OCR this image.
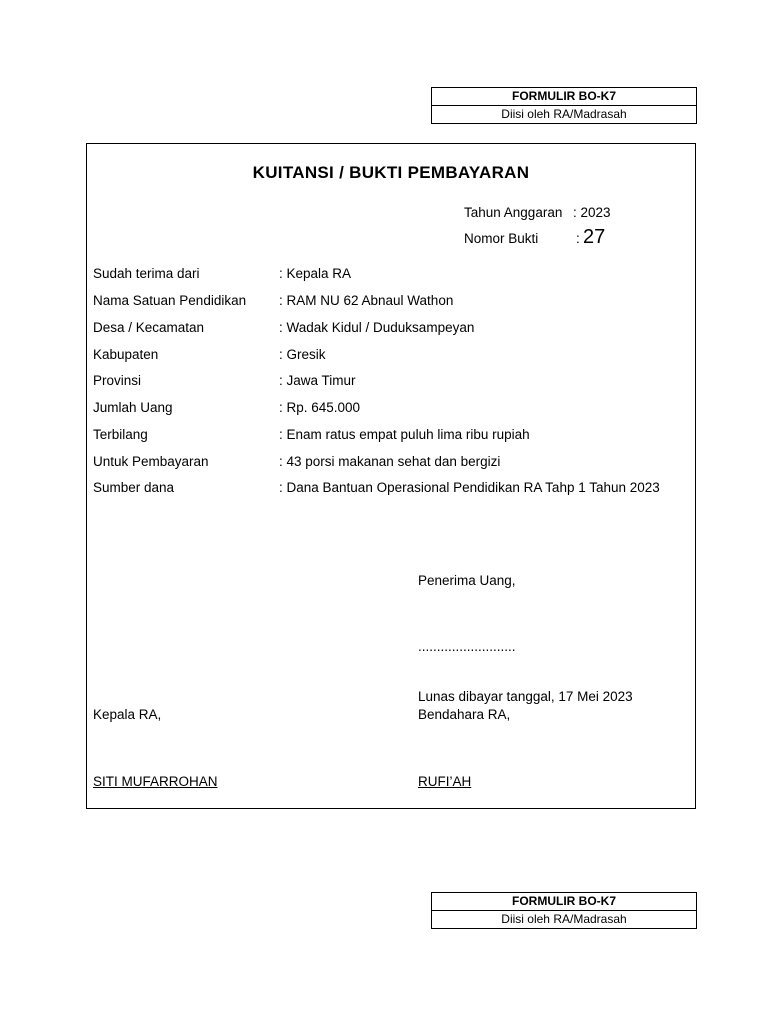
FORMULIR BO-K7
Diisi oleh RA/Madrasah
KUITANSI / BUKTI PEMBAYARAN
Tahun Anggaran : 2023
Nomor Bukti	: 27
Sudah terima dari	: Kepala RA
Nama Satuan Pendidikan : RAM NU 62 Abnaul Wathon
Desa / Kecamatan	: Wadak Kidul / Duduksampeyan
Kabupaten	: Gresik
Provinsi	: Jawa Timur
Jumlah Uang	: Rp. 645.000
Terbilang	: Enam ratus empat puluh lima ribu rupiah
Untuk Pembayaran	: 43 porsi makanan sehat dan bergizi
Sumber dana	: Dana Bantuan Operasional Pendidikan RA Tahp 1 Tahun 2023
Penerima Uang,
..........................
Lunas dibayar tanggal, 17 Mei 2023
Kepala RA,	Bendahara RA,
SITI MUFARROHAN	RUFI’AH
FORMULIR BO-K7
Diisi oleh RA/Madrasah
